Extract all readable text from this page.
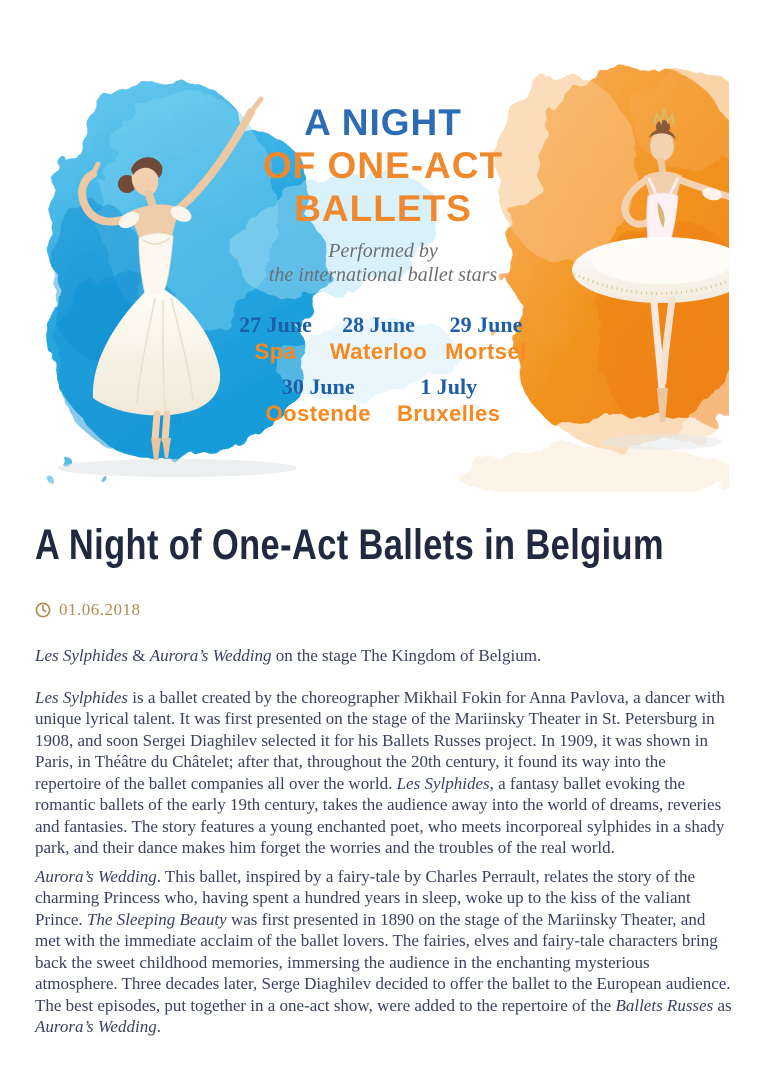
A NIGHT
OF ONE-ACT
BALLETS
Performed by
the international ballet stars
27 June
Spa
28 June
Waterloo
29 June
Mortsel
30 June
Oostende
1 July
Bruxelles
A Night of One-Act Ballets in Belgium
01.06.2018

Les Sylphides & Aurora’s Wedding on the stage The Kingdom of Belgium.

Les Sylphides is a ballet created by the choreographer Mikhail Fokin for Anna Pavlova, a dancer with unique lyrical talent. It was first presented on the stage of the Mariinsky Theater in St. Petersburg in 1908, and soon Sergei Diaghilev selected it for his Ballets Russes project. In 1909, it was shown in Paris, in Théâtre du Châtelet; after that, throughout the 20th century, it found its way into the repertoire of the ballet companies all over the world. Les Sylphides, a fantasy ballet evoking the romantic ballets of the early 19th century, takes the audience away into the world of dreams, reveries and fantasies. The story features a young enchanted poet, who meets incorporeal sylphides in a shady park, and their dance makes him forget the worries and the troubles of the real world.

Aurora’s Wedding. This ballet, inspired by a fairy-tale by Charles Perrault, relates the story of the charming Princess who, having spent a hundred years in sleep, woke up to the kiss of the valiant Prince. The Sleeping Beauty was first presented in 1890 on the stage of the Mariinsky Theater, and met with the immediate acclaim of the ballet lovers. The fairies, elves and fairy-tale characters bring back the sweet childhood memories, immersing the audience in the enchanting mysterious atmosphere. Three decades later, Serge Diaghilev decided to offer the ballet to the European audience. The best episodes, put together in a one-act show, were added to the repertoire of the Ballets Russes as Aurora’s Wedding.
